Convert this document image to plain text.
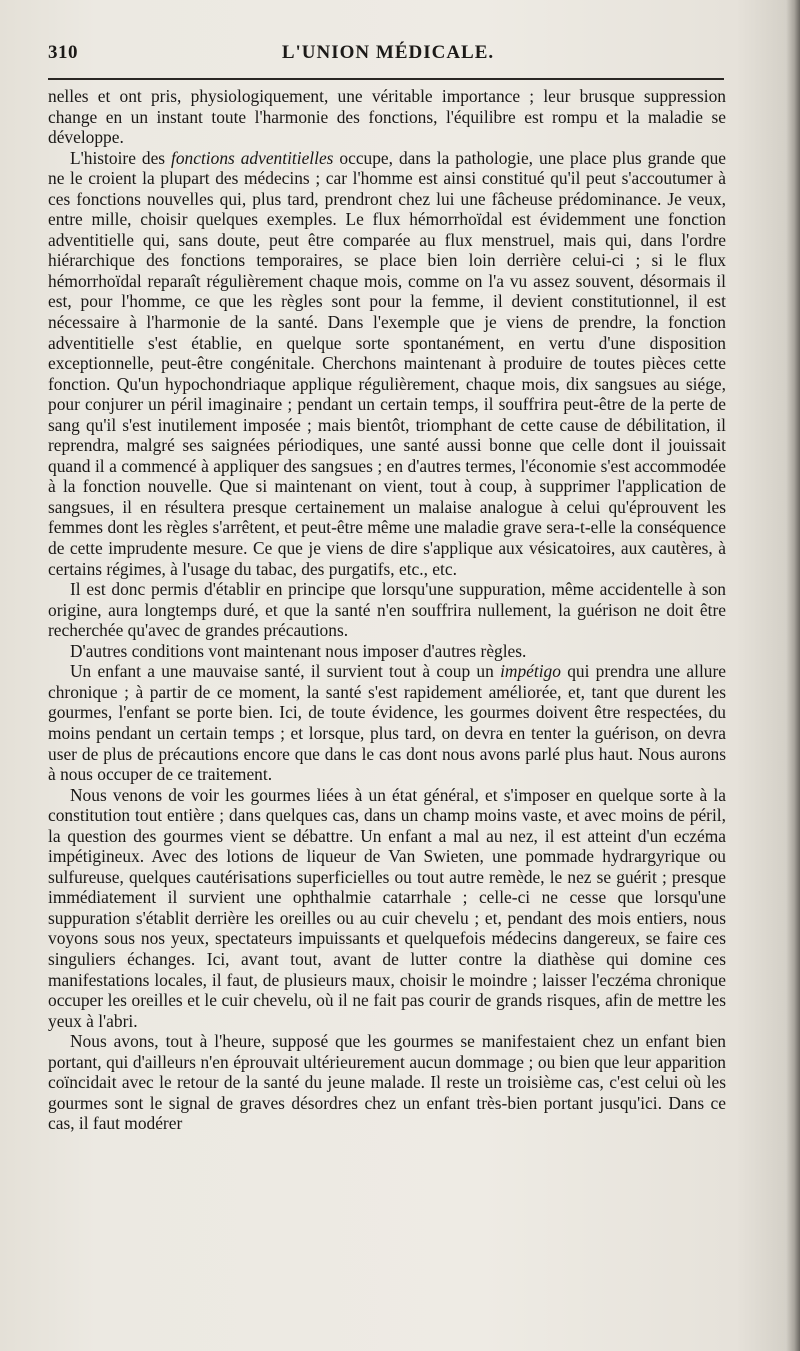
310	L'UNION MÉDICALE.

nelles et ont pris, physiologiquement, une véritable importance ; leur brusque suppression change en un instant toute l'harmonie des fonctions, l'équilibre est rompu et la maladie se développe.

L'histoire des fonctions adventitielles occupe, dans la pathologie, une place plus grande que ne le croient la plupart des médecins ; car l'homme est ainsi constitué qu'il peut s'accoutumer à ces fonctions nouvelles qui, plus tard, prendront chez lui une fâcheuse prédominance. Je veux, entre mille, choisir quelques exemples. Le flux hémorrhoïdal est évidemment une fonction adventitielle qui, sans doute, peut être comparée au flux menstruel, mais qui, dans l'ordre hiérarchique des fonctions temporaires, se place bien loin derrière celui-ci ; si le flux hémorrhoïdal reparaît régulièrement chaque mois, comme on l'a vu assez souvent, désormais il est, pour l'homme, ce que les règles sont pour la femme, il devient constitutionnel, il est nécessaire à l'harmonie de la santé. Dans l'exemple que je viens de prendre, la fonction adventitielle s'est établie, en quelque sorte spontanément, en vertu d'une disposition exceptionnelle, peut-être congénitale. Cherchons maintenant à produire de toutes pièces cette fonction. Qu'un hypochondriaque applique régulièrement, chaque mois, dix sangsues au siége, pour conjurer un péril imaginaire ; pendant un certain temps, il souffrira peut-être de la perte de sang qu'il s'est inutilement imposée ; mais bientôt, triomphant de cette cause de débilitation, il reprendra, malgré ses saignées périodiques, une santé aussi bonne que celle dont il jouissait quand il a commencé à appliquer des sangsues ; en d'autres termes, l'économie s'est accommodée à la fonction nouvelle. Que si maintenant on vient, tout à coup, à supprimer l'application de sangsues, il en résultera presque certainement un malaise analogue à celui qu'éprouvent les femmes dont les règles s'arrêtent, et peut-être même une maladie grave sera-t-elle la conséquence de cette imprudente mesure. Ce que je viens de dire s'applique aux vésicatoires, aux cautères, à certains régimes, à l'usage du tabac, des purgatifs, etc., etc.

Il est donc permis d'établir en principe que lorsqu'une suppuration, même accidentelle à son origine, aura longtemps duré, et que la santé n'en souffrira nullement, la guérison ne doit être recherchée qu'avec de grandes précautions.

D'autres conditions vont maintenant nous imposer d'autres règles.

Un enfant a une mauvaise santé, il survient tout à coup un impétigo qui prendra une allure chronique ; à partir de ce moment, la santé s'est rapidement améliorée, et, tant que durent les gourmes, l'enfant se porte bien. Ici, de toute évidence, les gourmes doivent être respectées, du moins pendant un certain temps ; et lorsque, plus tard, on devra en tenter la guérison, on devra user de plus de précautions encore que dans le cas dont nous avons parlé plus haut. Nous aurons à nous occuper de ce traitement.

Nous venons de voir les gourmes liées à un état général, et s'imposer en quelque sorte à la constitution tout entière ; dans quelques cas, dans un champ moins vaste, et avec moins de péril, la question des gourmes vient se débattre. Un enfant a mal au nez, il est atteint d'un eczéma impétigineux. Avec des lotions de liqueur de Van Swieten, une pommade hydrargyrique ou sulfureuse, quelques cautérisations superficielles ou tout autre remède, le nez se guérit ; presque immédiatement il survient une ophthalmie catarrhale ; celle-ci ne cesse que lorsqu'une suppuration s'établit derrière les oreilles ou au cuir chevelu ; et, pendant des mois entiers, nous voyons sous nos yeux, spectateurs impuissants et quelquefois médecins dangereux, se faire ces singuliers échanges. Ici, avant tout, avant de lutter contre la diathèse qui domine ces manifestations locales, il faut, de plusieurs maux, choisir le moindre ; laisser l'eczéma chronique occuper les oreilles et le cuir chevelu, où il ne fait pas courir de grands risques, afin de mettre les yeux à l'abri.

Nous avons, tout à l'heure, supposé que les gourmes se manifestaient chez un enfant bien portant, qui d'ailleurs n'en éprouvait ultérieurement aucun dommage ; ou bien que leur apparition coïncidait avec le retour de la santé du jeune malade. Il reste un troisième cas, c'est celui où les gourmes sont le signal de graves désordres chez un enfant très-bien portant jusqu'ici. Dans ce cas, il faut modérer
